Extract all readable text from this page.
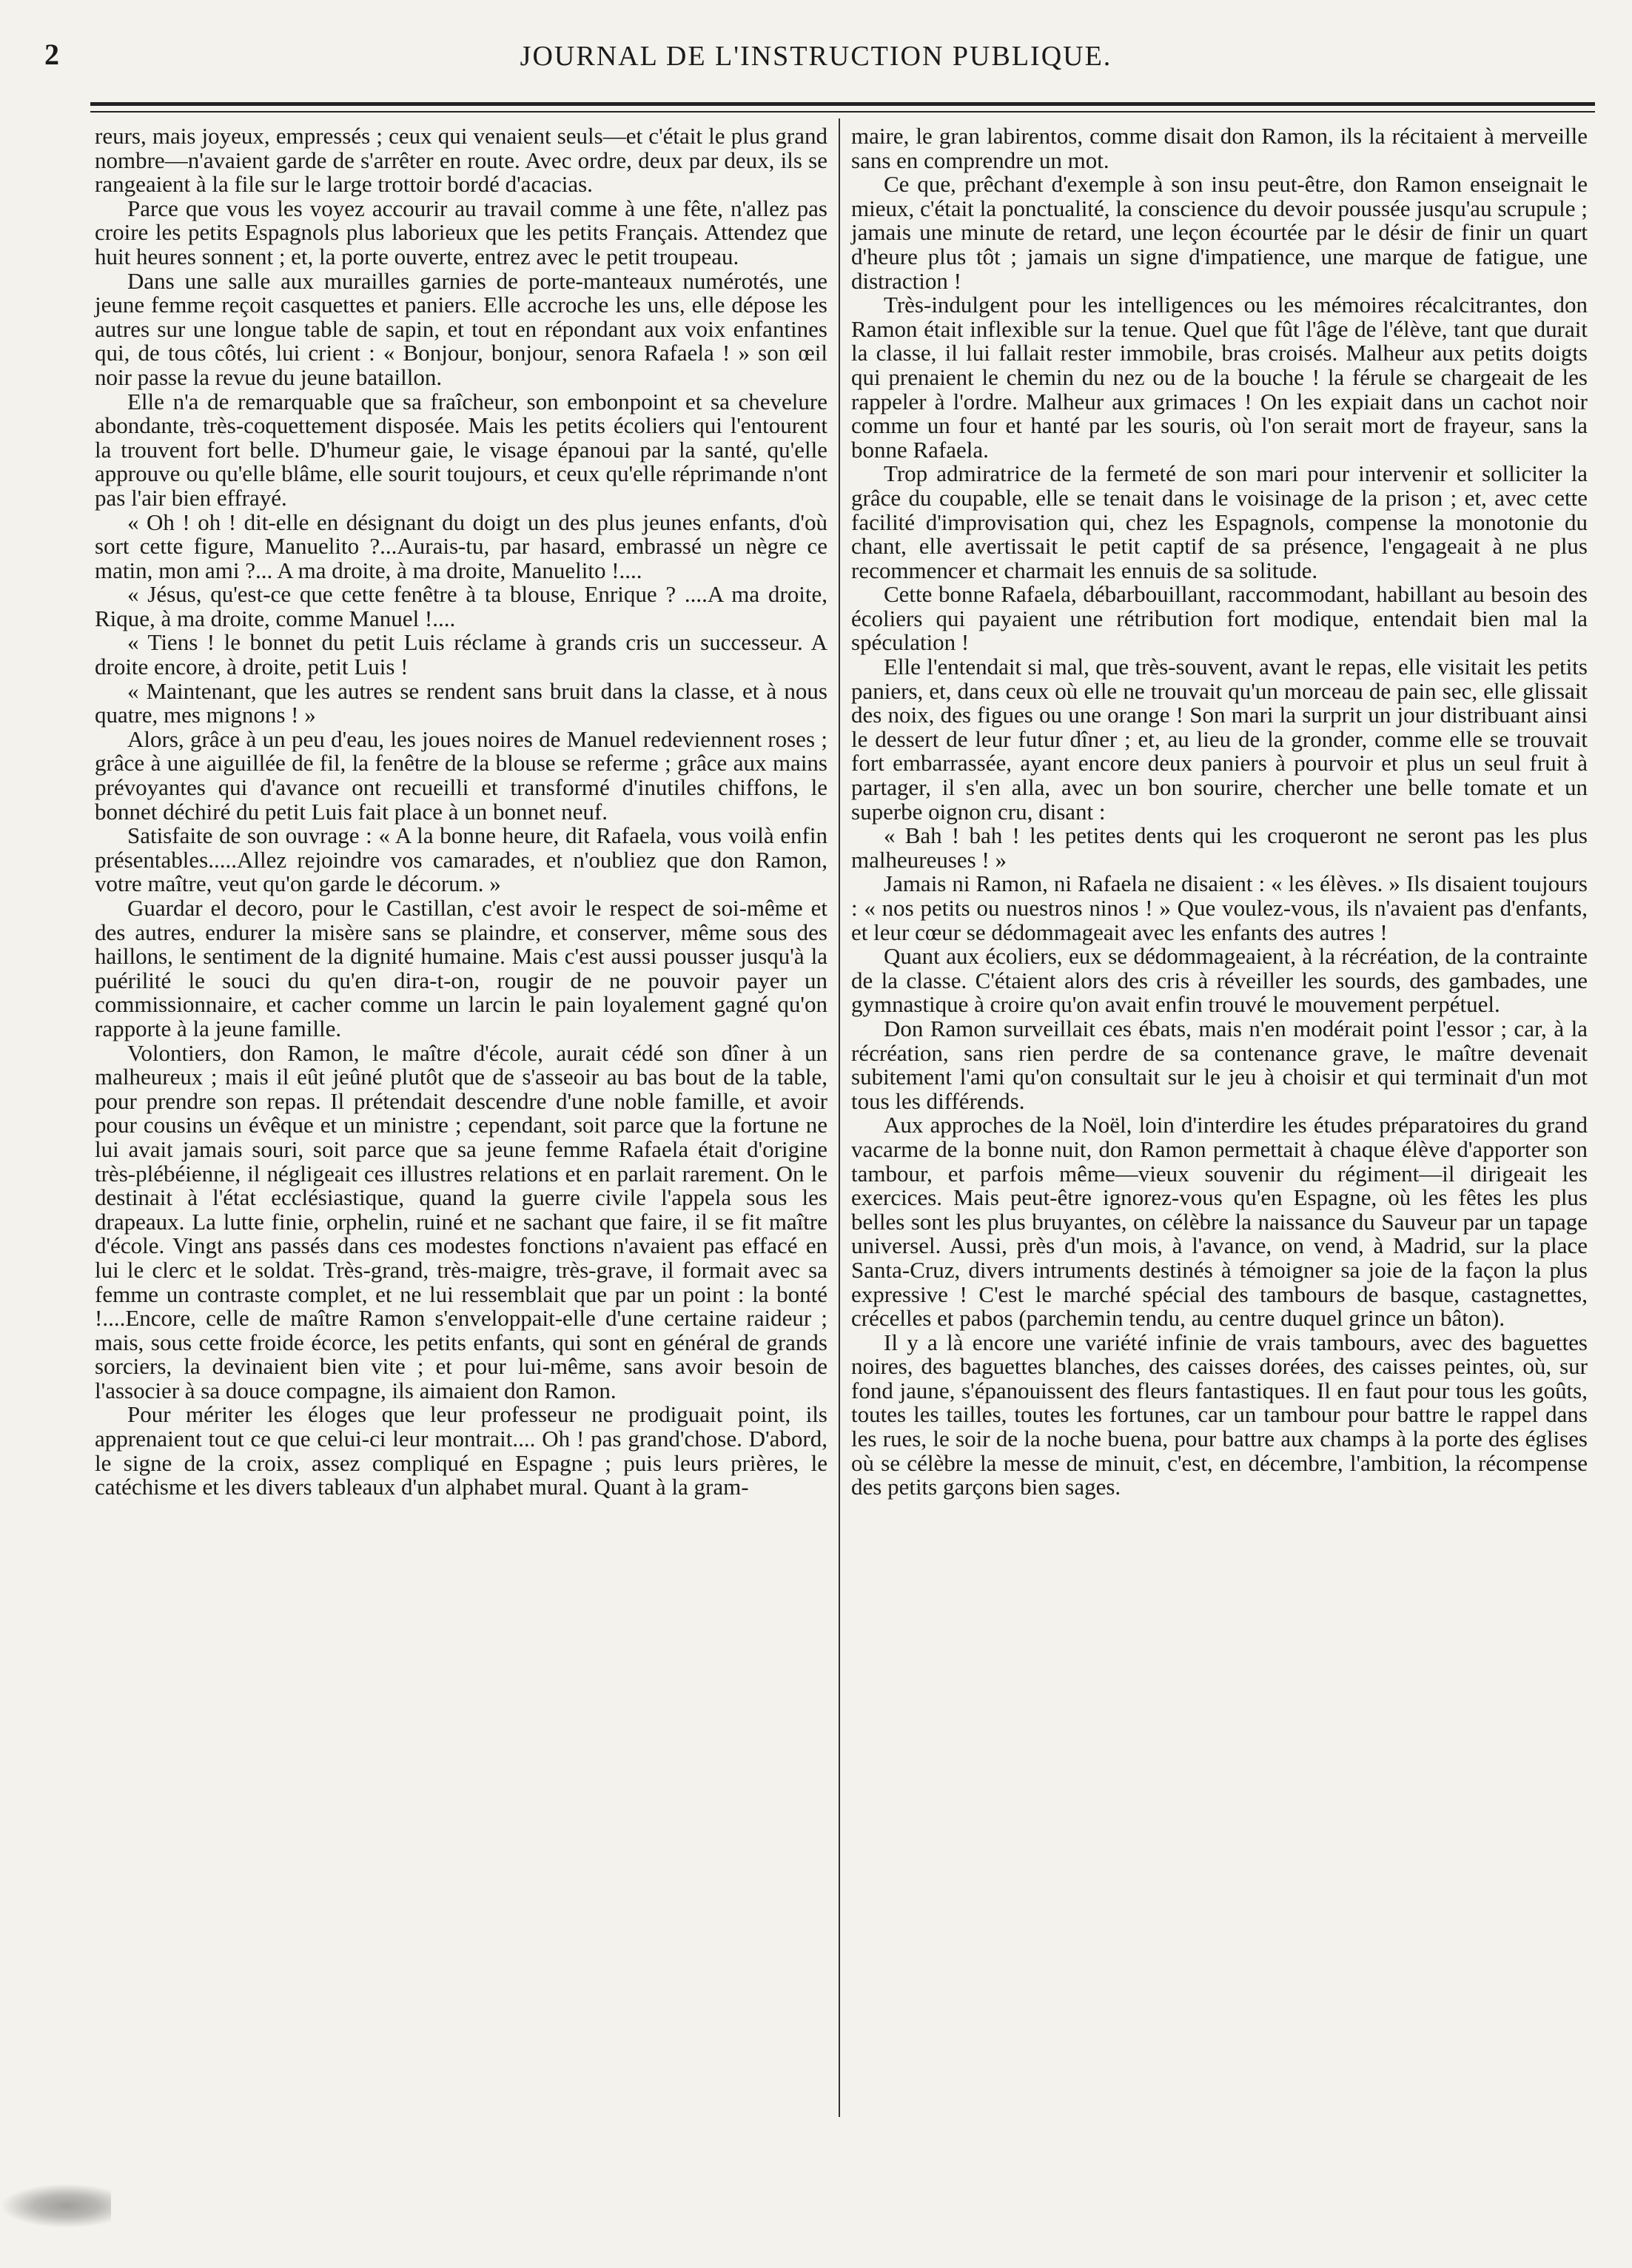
2	JOURNAL DE L'INSTRUCTION PUBLIQUE.

reurs, mais joyeux, empressés ; ceux qui venaient seuls—et c'était le plus grand nombre—n'avaient garde de s'arrêter en route. Avec ordre, deux par deux, ils se rangeaient à la file sur le large trottoir bordé d'acacias.

Parce que vous les voyez accourir au travail comme à une fête, n'allez pas croire les petits Espagnols plus laborieux que les petits Français. Attendez que huit heures sonnent ; et, la porte ouverte, entrez avec le petit troupeau.

Dans une salle aux murailles garnies de porte-manteaux numérotés, une jeune femme reçoit casquettes et paniers. Elle accroche les uns, elle dépose les autres sur une longue table de sapin, et tout en répondant aux voix enfantines qui, de tous côtés, lui crient : « Bonjour, bonjour, senora Rafaela ! » son œil noir passe la revue du jeune bataillon.

Elle n'a de remarquable que sa fraîcheur, son embonpoint et sa chevelure abondante, très-coquettement disposée. Mais les petits écoliers qui l'entourent la trouvent fort belle. D'humeur gaie, le visage épanoui par la santé, qu'elle approuve ou qu'elle blâme, elle sourit toujours, et ceux qu'elle réprimande n'ont pas l'air bien effrayé.

« Oh ! oh ! dit-elle en désignant du doigt un des plus jeunes enfants, d'où sort cette figure, Manuelito ?...Aurais-tu, par hasard, embrassé un nègre ce matin, mon ami ?... A ma droite, à ma droite, Manuelito !....

« Jésus, qu'est-ce que cette fenêtre à ta blouse, Enrique ? ....A ma droite, Rique, à ma droite, comme Manuel !....

« Tiens ! le bonnet du petit Luis réclame à grands cris un successeur. A droite encore, à droite, petit Luis !

« Maintenant, que les autres se rendent sans bruit dans la classe, et à nous quatre, mes mignons ! »

Alors, grâce à un peu d'eau, les joues noires de Manuel redeviennent roses ; grâce à une aiguillée de fil, la fenêtre de la blouse se referme ; grâce aux mains prévoyantes qui d'avance ont recueilli et transformé d'inutiles chiffons, le bonnet déchiré du petit Luis fait place à un bonnet neuf.

Satisfaite de son ouvrage : « A la bonne heure, dit Rafaela, vous voilà enfin présentables.....Allez rejoindre vos camarades, et n'oubliez que don Ramon, votre maître, veut qu'on garde le décorum. »

Guardar el decoro, pour le Castillan, c'est avoir le respect de soi-même et des autres, endurer la misère sans se plaindre, et conserver, même sous des haillons, le sentiment de la dignité humaine. Mais c'est aussi pousser jusqu'à la puérilité le souci du qu'en dira-t-on, rougir de ne pouvoir payer un commissionnaire, et cacher comme un larcin le pain loyalement gagné qu'on rapporte à la jeune famille.

Volontiers, don Ramon, le maître d'école, aurait cédé son dîner à un malheureux ; mais il eût jeûné plutôt que de s'asseoir au bas bout de la table, pour prendre son repas. Il prétendait descendre d'une noble famille, et avoir pour cousins un évêque et un ministre ; cependant, soit parce que la fortune ne lui avait jamais souri, soit parce que sa jeune femme Rafaela était d'origine très-plébéienne, il négligeait ces illustres relations et en parlait rarement. On le destinait à l'état ecclésiastique, quand la guerre civile l'appela sous les drapeaux. La lutte finie, orphelin, ruiné et ne sachant que faire, il se fit maître d'école. Vingt ans passés dans ces modestes fonctions n'avaient pas effacé en lui le clerc et le soldat. Très-grand, très-maigre, très-grave, il formait avec sa femme un contraste complet, et ne lui ressemblait que par un point : la bonté !....Encore, celle de maître Ramon s'enveloppait-elle d'une certaine raideur ; mais, sous cette froide écorce, les petits enfants, qui sont en général de grands sorciers, la devinaient bien vite ; et pour lui-même, sans avoir besoin de l'associer à sa douce compagne, ils aimaient don Ramon.

Pour mériter les éloges que leur professeur ne prodiguait point, ils apprenaient tout ce que celui-ci leur montrait.... Oh ! pas grand'chose. D'abord, le signe de la croix, assez compliqué en Espagne ; puis leurs prières, le catéchisme et les divers tableaux d'un alphabet mural. Quant à la gram-

maire, le gran labirentos, comme disait don Ramon, ils la récitaient à merveille sans en comprendre un mot.

Ce que, prêchant d'exemple à son insu peut-être, don Ramon enseignait le mieux, c'était la ponctualité, la conscience du devoir poussée jusqu'au scrupule ; jamais une minute de retard, une leçon écourtée par le désir de finir un quart d'heure plus tôt ; jamais un signe d'impatience, une marque de fatigue, une distraction !

Très-indulgent pour les intelligences ou les mémoires récalcitrantes, don Ramon était inflexible sur la tenue. Quel que fût l'âge de l'élève, tant que durait la classe, il lui fallait rester immobile, bras croisés. Malheur aux petits doigts qui prenaient le chemin du nez ou de la bouche ! la férule se chargeait de les rappeler à l'ordre. Malheur aux grimaces ! On les expiait dans un cachot noir comme un four et hanté par les souris, où l'on serait mort de frayeur, sans la bonne Rafaela.

Trop admiratrice de la fermeté de son mari pour intervenir et solliciter la grâce du coupable, elle se tenait dans le voisinage de la prison ; et, avec cette facilité d'improvisation qui, chez les Espagnols, compense la monotonie du chant, elle avertissait le petit captif de sa présence, l'engageait à ne plus recommencer et charmait les ennuis de sa solitude.

Cette bonne Rafaela, débarbouillant, raccommodant, habillant au besoin des écoliers qui payaient une rétribution fort modique, entendait bien mal la spéculation !

Elle l'entendait si mal, que très-souvent, avant le repas, elle visitait les petits paniers, et, dans ceux où elle ne trouvait qu'un morceau de pain sec, elle glissait des noix, des figues ou une orange ! Son mari la surprit un jour distribuant ainsi le dessert de leur futur dîner ; et, au lieu de la gronder, comme elle se trouvait fort embarrassée, ayant encore deux paniers à pourvoir et plus un seul fruit à partager, il s'en alla, avec un bon sourire, chercher une belle tomate et un superbe oignon cru, disant :

« Bah ! bah ! les petites dents qui les croqueront ne seront pas les plus malheureuses ! »

Jamais ni Ramon, ni Rafaela ne disaient : « les élèves. » Ils disaient toujours : « nos petits ou nuestros ninos ! » Que voulez-vous, ils n'avaient pas d'enfants, et leur cœur se dédommageait avec les enfants des autres !

Quant aux écoliers, eux se dédommageaient, à la récréation, de la contrainte de la classe. C'étaient alors des cris à réveiller les sourds, des gambades, une gymnastique à croire qu'on avait enfin trouvé le mouvement perpétuel.

Don Ramon surveillait ces ébats, mais n'en modérait point l'essor ; car, à la récréation, sans rien perdre de sa contenance grave, le maître devenait subitement l'ami qu'on consultait sur le jeu à choisir et qui terminait d'un mot tous les différends.

Aux approches de la Noël, loin d'interdire les études préparatoires du grand vacarme de la bonne nuit, don Ramon permettait à chaque élève d'apporter son tambour, et parfois même—vieux souvenir du régiment—il dirigeait les exercices. Mais peut-être ignorez-vous qu'en Espagne, où les fêtes les plus belles sont les plus bruyantes, on célèbre la naissance du Sauveur par un tapage universel. Aussi, près d'un mois, à l'avance, on vend, à Madrid, sur la place Santa-Cruz, divers intruments destinés à témoigner sa joie de la façon la plus expressive ! C'est le marché spécial des tambours de basque, castagnettes, crécelles et pabos (parchemin tendu, au centre duquel grince un bâton).

Il y a là encore une variété infinie de vrais tambours, avec des baguettes noires, des baguettes blanches, des caisses dorées, des caisses peintes, où, sur fond jaune, s'épanouissent des fleurs fantastiques. Il en faut pour tous les goûts, toutes les tailles, toutes les fortunes, car un tambour pour battre le rappel dans les rues, le soir de la noche buena, pour battre aux champs à la porte des églises où se célèbre la messe de minuit, c'est, en décembre, l'ambition, la récompense des petits garçons bien sages.
